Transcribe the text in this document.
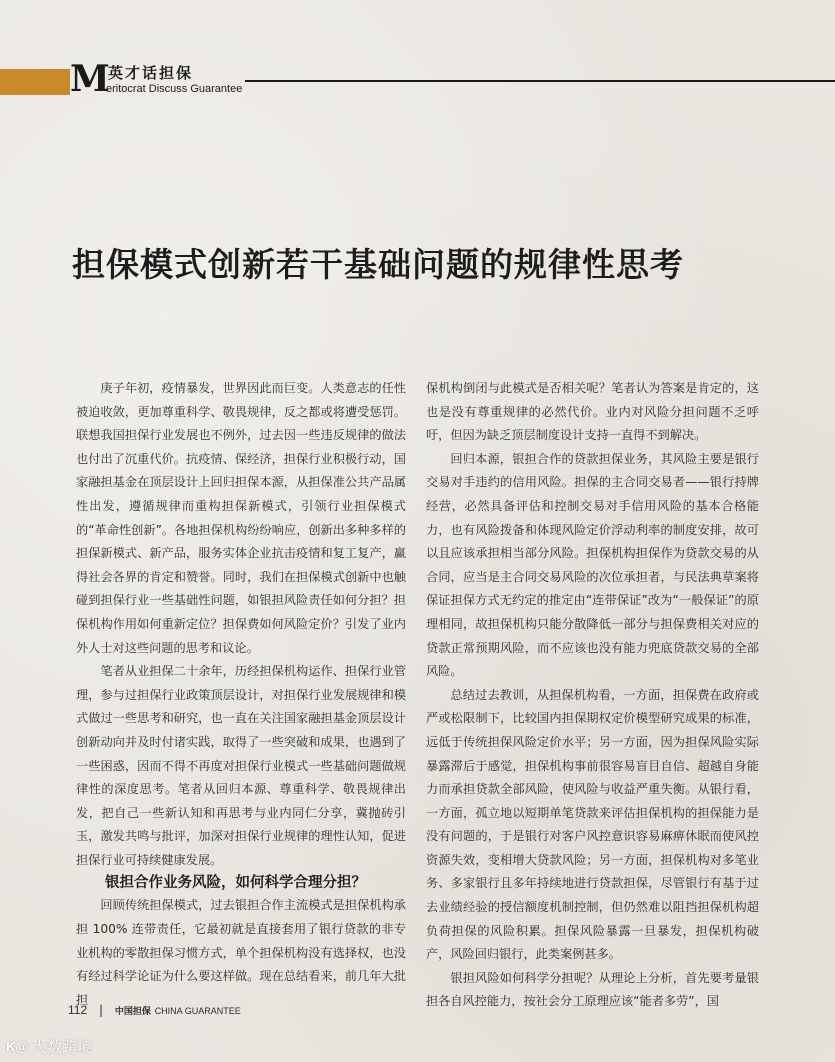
M
英才话担保
eritocrat Discuss Guarantee
担保模式创新若干基础问题的规律性思考

庚子年初，疫情暴发，世界因此而巨变。人类意志的任性被迫收敛，更加尊重科学、敬畏规律，反之都或将遭受惩罚。联想我国担保行业发展也不例外，过去因一些违反规律的做法也付出了沉重代价。抗疫情、保经济，担保行业积极行动，国家融担基金在顶层设计上回归担保本源，从担保准公共产品属性出发，遵循规律而重构担保新模式，引领行业担保模式的“革命性创新”。各地担保机构纷纷响应，创新出多种多样的担保新模式、新产品，服务实体企业抗击疫情和复工复产，赢得社会各界的肯定和赞誉。同时，我们在担保模式创新中也触碰到担保行业一些基础性问题，如银担风险责任如何分担？担保机构作用如何重新定位？担保费如何风险定价？引发了业内外人士对这些问题的思考和议论。

笔者从业担保二十余年，历经担保机构运作、担保行业管理，参与过担保行业政策顶层设计，对担保行业发展规律和模式做过一些思考和研究，也一直在关注国家融担基金顶层设计创新动向并及时付诸实践，取得了一些突破和成果，也遇到了一些困惑，因而不得不再度对担保行业模式一些基础问题做规律性的深度思考。笔者从回归本源、尊重科学、敬畏规律出发，把自己一些新认知和再思考与业内同仁分享，冀抛砖引玉，激发共鸣与批评，加深对担保行业规律的理性认知，促进担保行业可持续健康发展。

银担合作业务风险，如何科学合理分担？

回顾传统担保模式，过去银担合作主流模式是担保机构承担 100% 连带责任，它最初就是直接套用了银行贷款的非专业机构的零散担保习惯方式，单个担保机构没有选择权，也没有经过科学论证为什么要这样做。现在总结看来，前几年大批担

保机构倒闭与此模式是否相关呢？笔者认为答案是肯定的，这也是没有尊重规律的必然代价。业内对风险分担问题不乏呼吁，但因为缺乏顶层制度设计支持一直得不到解决。

回归本源，银担合作的贷款担保业务，其风险主要是银行交易对手违约的信用风险。担保的主合同交易者——银行持牌经营，必然具备评估和控制交易对手信用风险的基本合格能力，也有风险拨备和体现风险定价浮动利率的制度安排，故可以且应该承担相当部分风险。担保机构担保作为贷款交易的从合同，应当是主合同交易风险的次位承担者，与民法典草案将保证担保方式无约定的推定由“连带保证”改为“一般保证”的原理相同，故担保机构只能分散降低一部分与担保费相关对应的贷款正常预期风险，而不应该也没有能力兜底贷款交易的全部风险。

总结过去教训，从担保机构看，一方面，担保费在政府或严或松限制下，比较国内担保期权定价模型研究成果的标准，远低于传统担保风险定价水平；另一方面，因为担保风险实际暴露滞后于感觉，担保机构事前很容易盲目自信、超越自身能力而承担贷款全部风险，使风险与收益严重失衡。从银行看，一方面，孤立地以短期单笔贷款来评估担保机构的担保能力是没有问题的，于是银行对客户风控意识容易麻痹休眠而使风控资源失效，变相增大贷款风险；另一方面，担保机构对多笔业务、多家银行且多年持续地进行贷款担保，尽管银行有基于过去业绩经验的授信额度机制控制，但仍然难以阻挡担保机构超负荷担保的风险积累。担保风险暴露一旦暴发，担保机构破产，风险回归银行，此类案例甚多。

银担风险如何科学分担呢？从理论上分析，首先要考量银担各自风控能力，按社会分工原理应该“能者多劳”，国

112 | 中国担保 CHINA GUARANTEE
K@ 大数跨境
